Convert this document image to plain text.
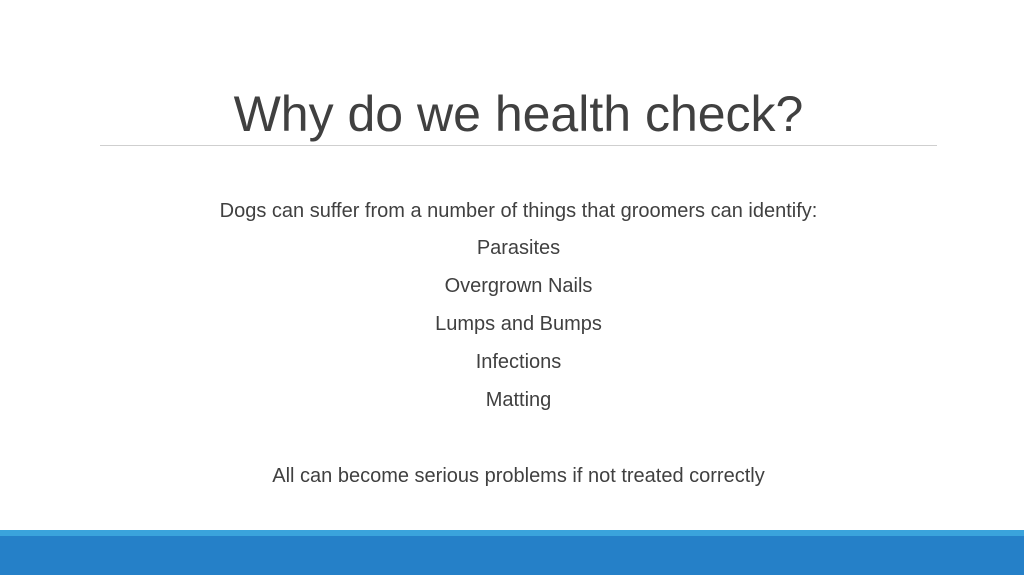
Why do we health check?

Dogs can suffer from a number of things that groomers can identify:

Parasites
Overgrown Nails
Lumps and Bumps
Infections
Matting

All can become serious problems if not treated correctly
